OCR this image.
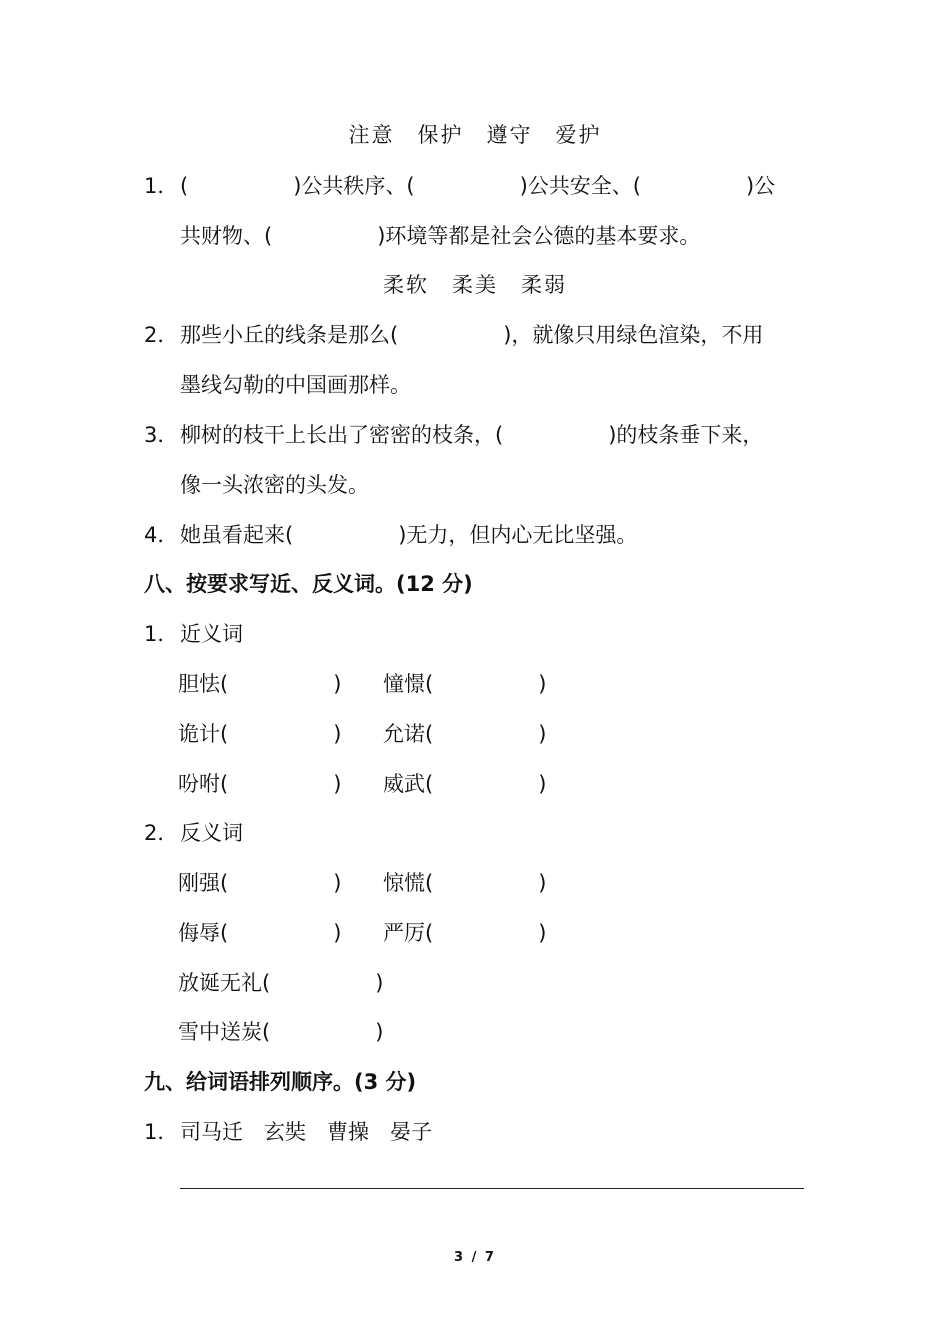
注意　保护　遵守　爱护
1． (　　　　　)公共秩序、(　　　　　)公共安全、(　　　　　)公
共财物、(　　　　　)环境等都是社会公德的基本要求。
柔软　柔美　柔弱
2． 那些小丘的线条是那么(　　　　　)，就像只用绿色渲染，不用
墨线勾勒的中国画那样。
3． 柳树的枝干上长出了密密的枝条，(　　　　　)的枝条垂下来，
像一头浓密的头发。
4． 她虽看起来(　　　　　)无力，但内心无比坚强。
八、按要求写近、反义词。(12 分)
1． 近义词
胆怯(　　　　　) 憧憬(　　　　　)
诡计(　　　　　) 允诺(　　　　　)
吩咐(　　　　　) 威武(　　　　　)
2． 反义词
刚强(　　　　　) 惊慌(　　　　　)
侮辱(　　　　　) 严厉(　　　　　)
放诞无礼(　　　　　)
雪中送炭(　　　　　)
九、给词语排列顺序。(3 分)
1． 司马迁　玄奘　曹操　晏子
3 / 7
